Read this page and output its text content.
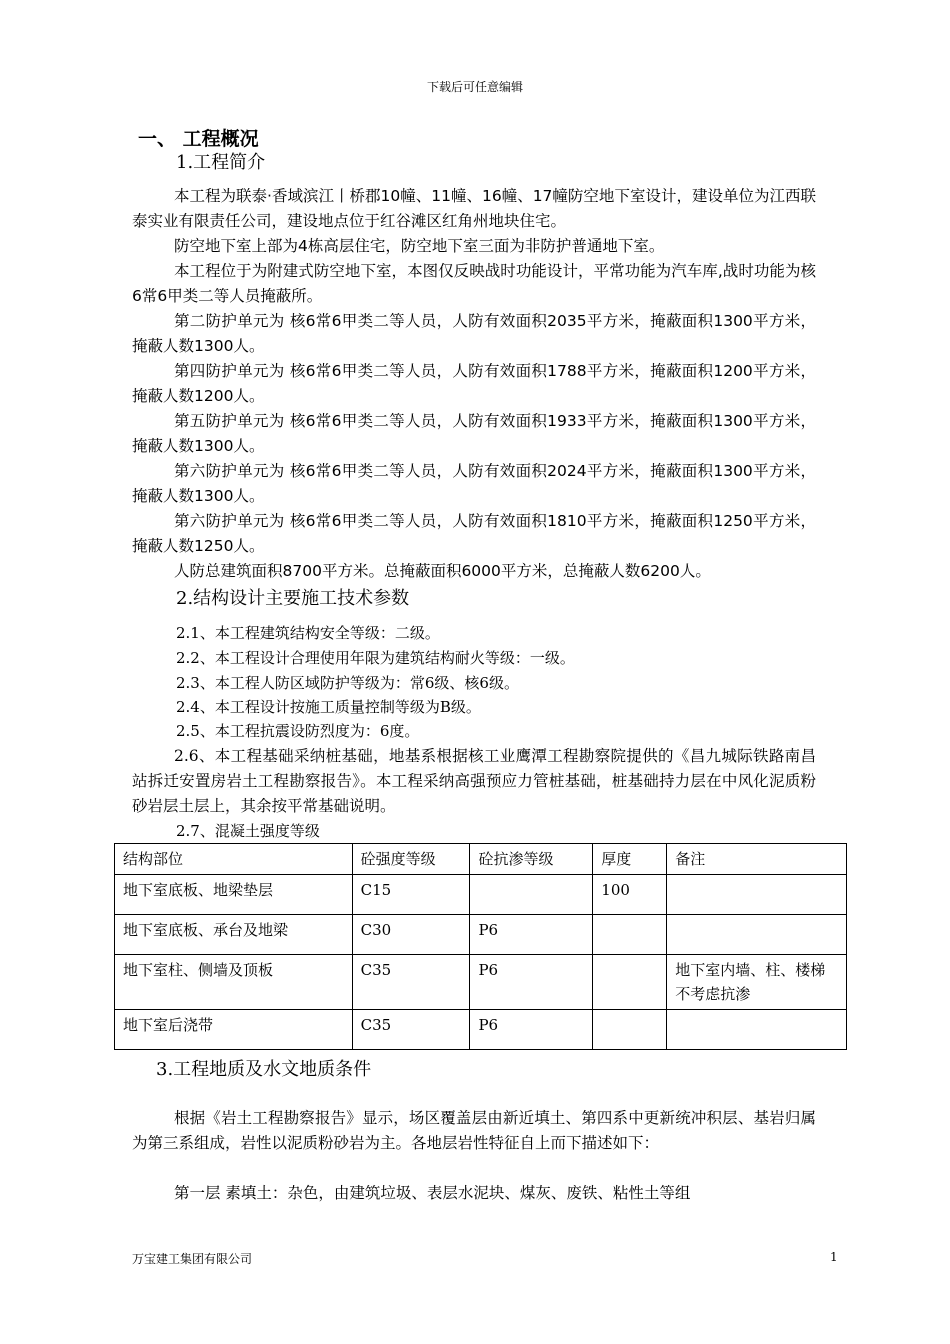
下载后可任意编辑
一、 工程概况
1.工程简介
本工程为联泰·香域滨江丨桥郡10幢、11幢、16幢、17幢防空地下室设计，建设单位为江西联泰实业有限责任公司，建设地点位于红谷滩区红角州地块住宅。
防空地下室上部为4栋高层住宅，防空地下室三面为非防护普通地下室。
本工程位于为附建式防空地下室，本图仅反映战时功能设计，平常功能为汽车库,战时功能为核6常6甲类二等人员掩蔽所。
第二防护单元为 核6常6甲类二等人员，人防有效面积2035平方米，掩蔽面积1300平方米，掩蔽人数1300人。
第四防护单元为 核6常6甲类二等人员，人防有效面积1788平方米，掩蔽面积1200平方米，掩蔽人数1200人。
第五防护单元为 核6常6甲类二等人员，人防有效面积1933平方米，掩蔽面积1300平方米，掩蔽人数1300人。
第六防护单元为 核6常6甲类二等人员，人防有效面积2024平方米，掩蔽面积1300平方米，掩蔽人数1300人。
第六防护单元为 核6常6甲类二等人员，人防有效面积1810平方米，掩蔽面积1250平方米，掩蔽人数1250人。
人防总建筑面积8700平方米。总掩蔽面积6000平方米，总掩蔽人数6200人。
2.结构设计主要施工技术参数
2.1、本工程建筑结构安全等级：二级。
2.2、本工程设计合理使用年限为建筑结构耐火等级：一级。
2.3、本工程人防区域防护等级为：常6级、核6级。
2.4、本工程设计按施工质量控制等级为B级。
2.5、本工程抗震设防烈度为：6度。
2.6、本工程基础采纳桩基础，地基系根据核工业鹰潭工程勘察院提供的《昌九城际铁路南昌站拆迁安置房岩土工程勘察报告》。本工程采纳高强预应力管桩基础，桩基础持力层在中风化泥质粉砂岩层土层上，其余按平常基础说明。
2.7、混凝土强度等级
结构部位	砼强度等级	砼抗渗等级	厚度	备注
地下室底板、地梁垫层	C15		100	
地下室底板、承台及地梁	C30	P6		
地下室柱、侧墙及顶板	C35	P6		地下室内墙、柱、楼梯不考虑抗渗
地下室后浇带	C35	P6		
3.工程地质及水文地质条件
根据《岩土工程勘察报告》显示，场区覆盖层由新近填土、第四系中更新统冲积层、基岩归属为第三系组成，岩性以泥质粉砂岩为主。各地层岩性特征自上而下描述如下：
第一层 素填土：杂色，由建筑垃圾、表层水泥块、煤灰、废铁、粘性土等组
万宝建工集团有限公司	1
